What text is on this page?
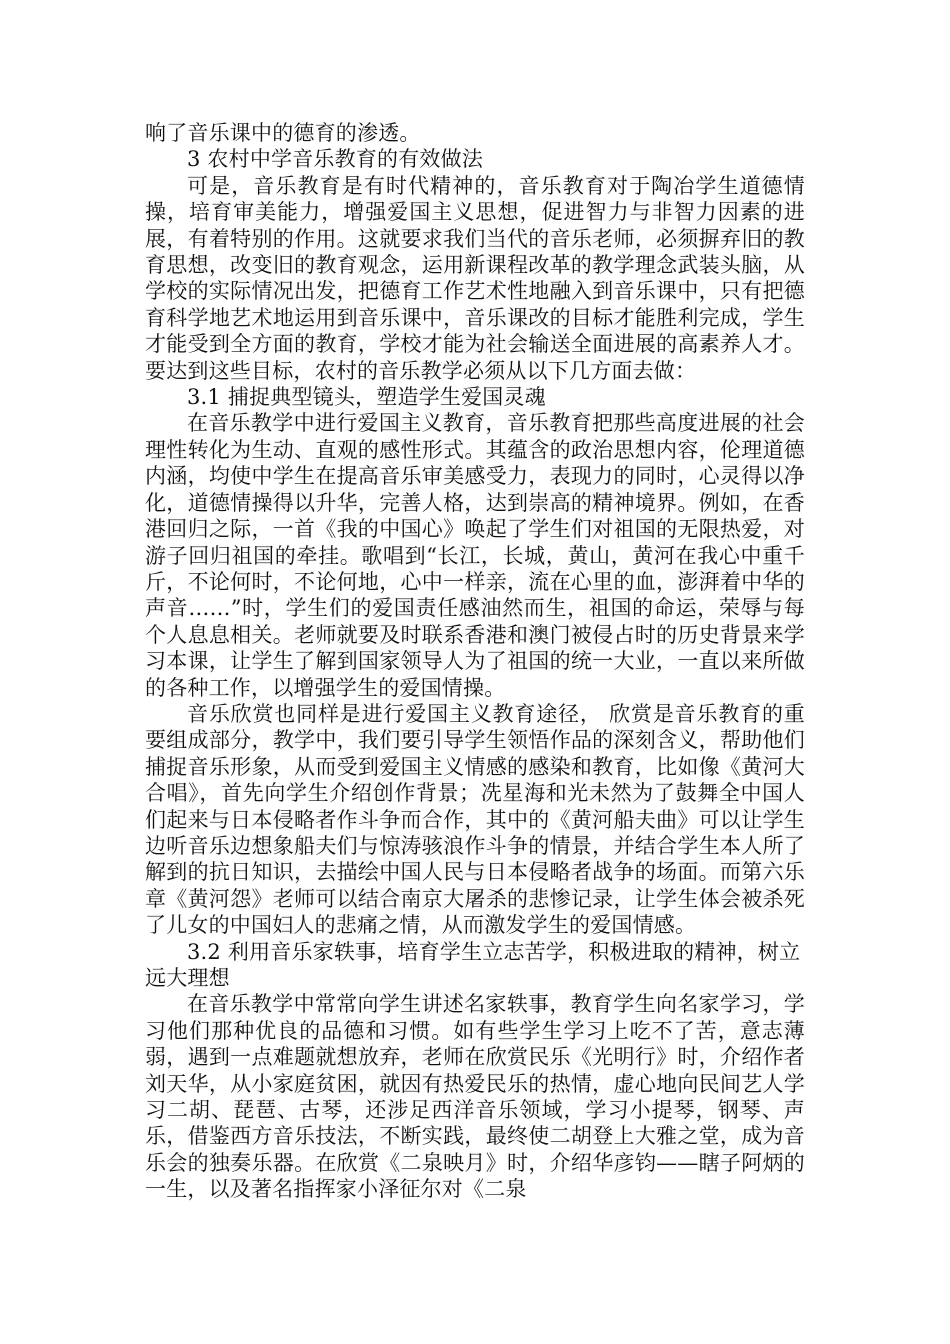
响了音乐课中的德育的渗透。

3 农村中学音乐教育的有效做法

可是，音乐教育是有时代精神的，音乐教育对于陶冶学生道德情操，培育审美能力，增强爱国主义思想，促进智力与非智力因素的进展，有着特别的作用。这就要求我们当代的音乐老师，必须摒弃旧的教育思想，改变旧的教育观念，运用新课程改革的教学理念武装头脑，从学校的实际情况出发，把德育工作艺术性地融入到音乐课中，只有把德育科学地艺术地运用到音乐课中，音乐课改的目标才能胜利完成，学生才能受到全方面的教育，学校才能为社会输送全面进展的高素养人才。要达到这些目标，农村的音乐教学必须从以下几方面去做：

3.1 捕捉典型镜头，塑造学生爱国灵魂

在音乐教学中进行爱国主义教育，音乐教育把那些高度进展的社会理性转化为生动、直观的感性形式。其蕴含的政治思想内容，伦理道德内涵，均使中学生在提高音乐审美感受力，表现力的同时，心灵得以净化，道德情操得以升华，完善人格，达到崇高的精神境界。例如，在香港回归之际，一首《我的中国心》唤起了学生们对祖国的无限热爱，对游子回归祖国的牵挂。歌唱到“长江，长城，黄山，黄河在我心中重千斤，不论何时，不论何地，心中一样亲，流在心里的血，澎湃着中华的声音……”时，学生们的爱国责任感油然而生，祖国的命运，荣辱与每个人息息相关。老师就要及时联系香港和澳门被侵占时的历史背景来学习本课，让学生了解到国家领导人为了祖国的统一大业，一直以来所做的各种工作，以增强学生的爱国情操。

音乐欣赏也同样是进行爱国主义教育途径， 欣赏是音乐教育的重要组成部分，教学中，我们要引导学生领悟作品的深刻含义，帮助他们捕捉音乐形象，从而受到爱国主义情感的感染和教育，比如像《黄河大合唱》，首先向学生介绍创作背景；冼星海和光未然为了鼓舞全中国人们起来与日本侵略者作斗争而合作，其中的《黄河船夫曲》可以让学生边听音乐边想象船夫们与惊涛骇浪作斗争的情景，并结合学生本人所了解到的抗日知识，去描绘中国人民与日本侵略者战争的场面。而第六乐章《黄河怨》老师可以结合南京大屠杀的悲惨记录，让学生体会被杀死了儿女的中国妇人的悲痛之情，从而激发学生的爱国情感。

3.2 利用音乐家轶事，培育学生立志苦学，积极进取的精神，树立远大理想

在音乐教学中常常向学生讲述名家轶事，教育学生向名家学习，学习他们那种优良的品德和习惯。如有些学生学习上吃不了苦，意志薄弱，遇到一点难题就想放弃，老师在欣赏民乐《光明行》时，介绍作者刘天华，从小家庭贫困，就因有热爱民乐的热情，虚心地向民间艺人学习二胡、琵琶、古琴，还涉足西洋音乐领域，学习小提琴，钢琴、声乐，借鉴西方音乐技法，不断实践，最终使二胡登上大雅之堂，成为音乐会的独奏乐器。在欣赏《二泉映月》时，介绍华彦钧——瞎子阿炳的一生，以及著名指挥家小泽征尔对《二泉
